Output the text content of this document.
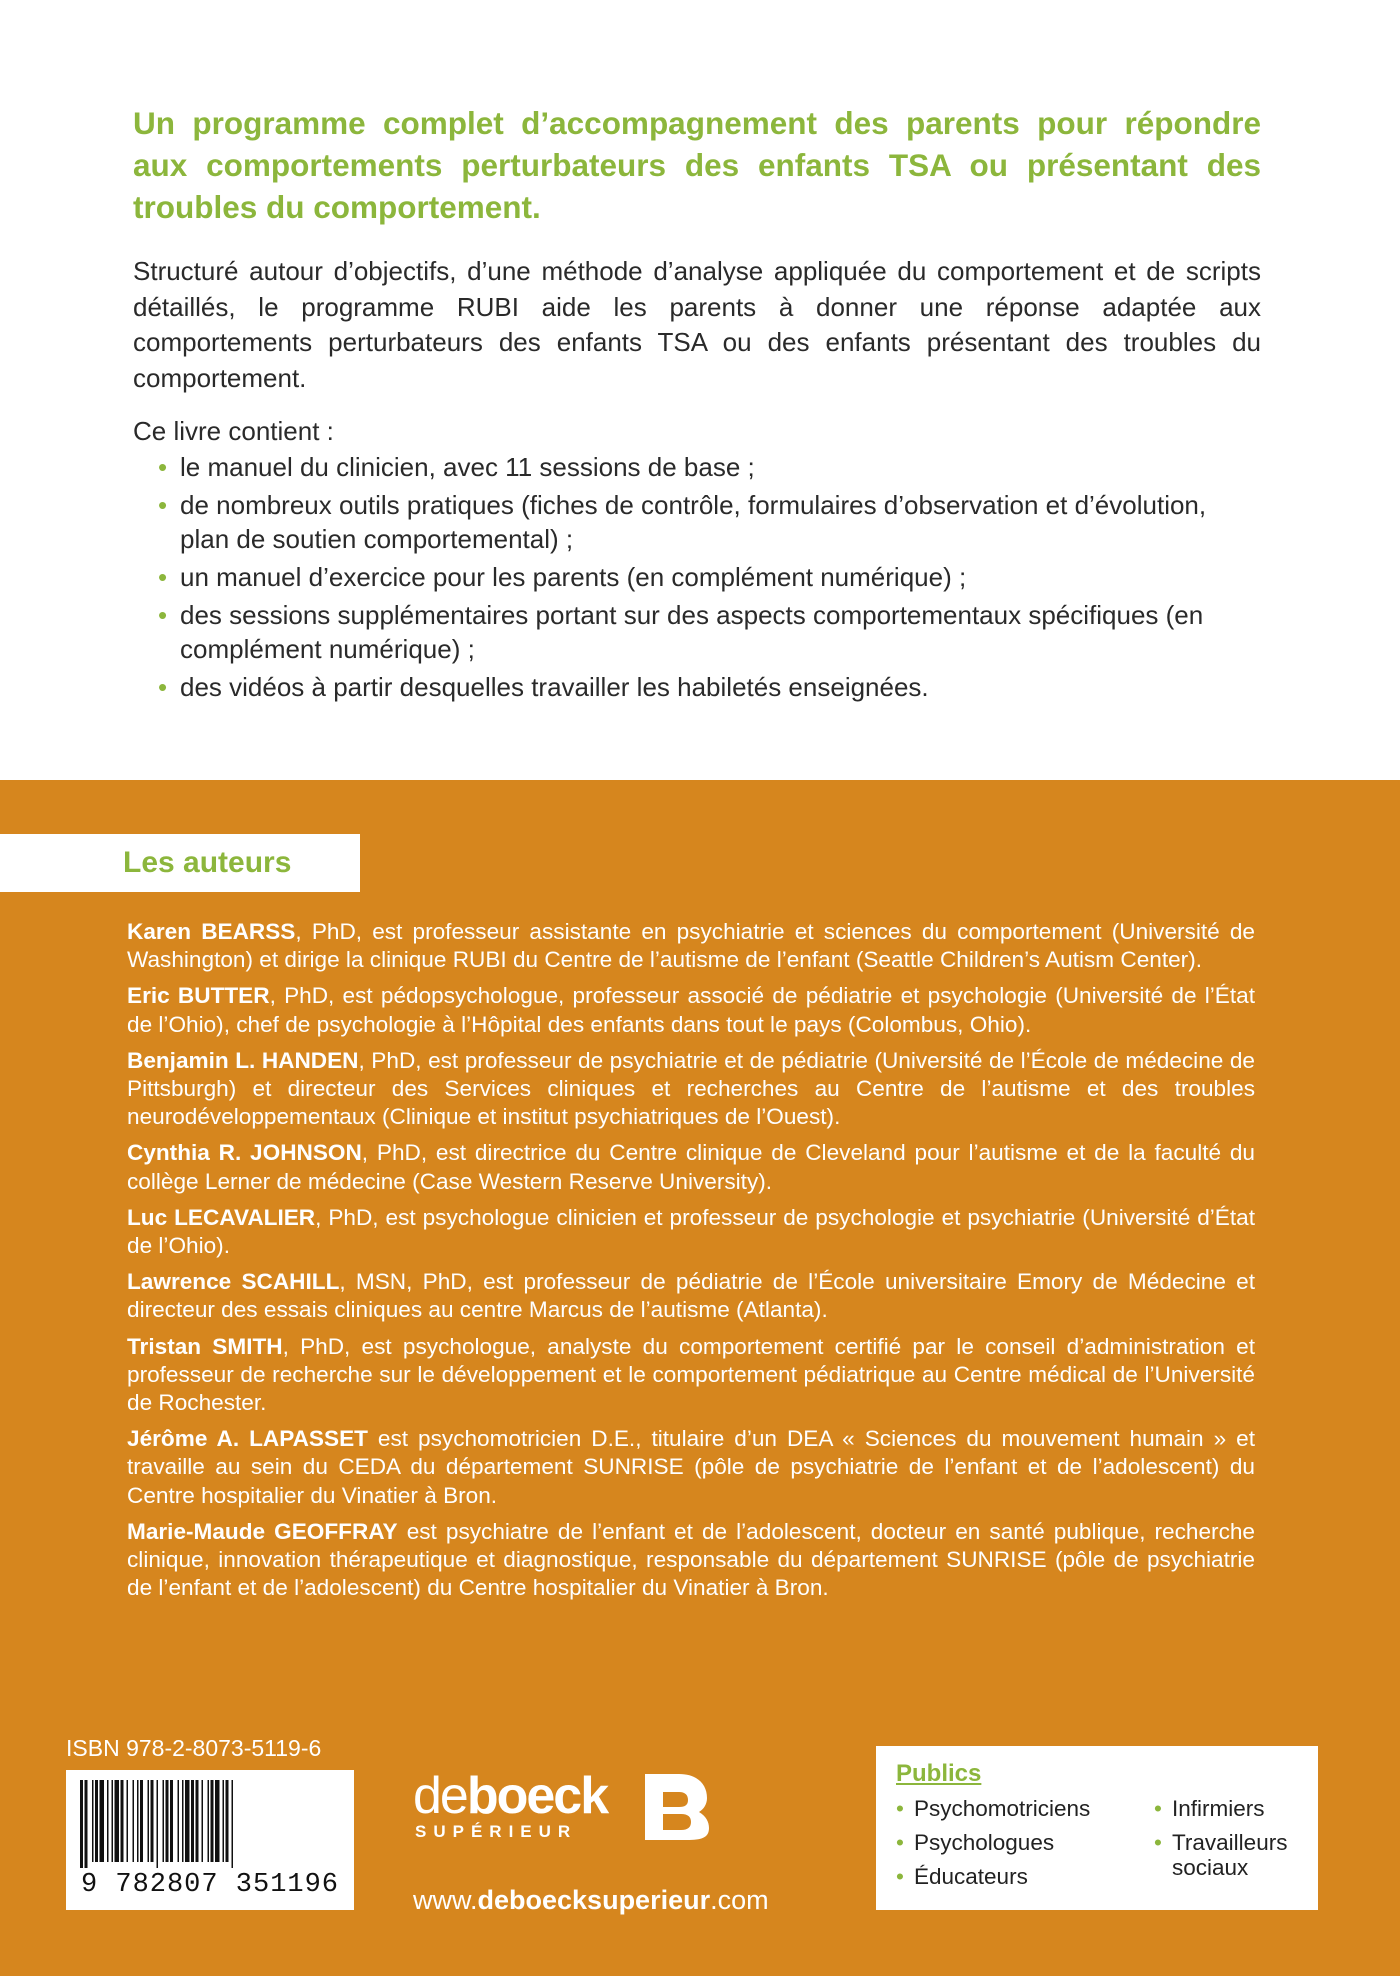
Un programme complet d’accompagnement des parents pour répondre aux comportements perturbateurs des enfants TSA ou présentant des troubles du comportement.

Structuré autour d’objectifs, d’une méthode d’analyse appliquée du comportement et de scripts détaillés, le programme RUBI aide les parents à donner une réponse adaptée aux comportements perturbateurs des enfants TSA ou des enfants présentant des troubles du comportement.

Ce livre contient :

• le manuel du clinicien, avec 11 sessions de base ;
• de nombreux outils pratiques (fiches de contrôle, formulaires d’observation et d’évolution, plan de soutien comportemental) ;
• un manuel d’exercice pour les parents (en complément numérique) ;
• des sessions supplémentaires portant sur des aspects comportementaux spécifiques (en complément numérique) ;
• des vidéos à partir desquelles travailler les habiletés enseignées.
Les auteurs

Karen BEARSS, PhD, est professeur assistante en psychiatrie et sciences du comportement (Université de Washington) et dirige la clinique RUBI du Centre de l’autisme de l’enfant (Seattle Children’s Autism Center).

Eric BUTTER, PhD, est pédopsychologue, professeur associé de pédiatrie et psychologie (Université de l’État de l’Ohio), chef de psychologie à l’Hôpital des enfants dans tout le pays (Colombus, Ohio).

Benjamin L. HANDEN, PhD, est professeur de psychiatrie et de pédiatrie (Université de l’École de médecine de Pittsburgh) et directeur des Services cliniques et recherches au Centre de l’autisme et des troubles neurodéveloppementaux (Clinique et institut psychiatriques de l’Ouest).

Cynthia R. JOHNSON, PhD, est directrice du Centre clinique de Cleveland pour l’autisme et de la faculté du collège Lerner de médecine (Case Western Reserve University).

Luc LECAVALIER, PhD, est psychologue clinicien et professeur de psychologie et psychiatrie (Université d’État de l’Ohio).

Lawrence SCAHILL, MSN, PhD, est professeur de pédiatrie de l’École universitaire Emory de Médecine et directeur des essais cliniques au centre Marcus de l’autisme (Atlanta).

Tristan SMITH, PhD, est psychologue, analyste du comportement certifié par le conseil d’administration et professeur de recherche sur le développement et le comportement pédiatrique au Centre médical de l’Université de Rochester.

Jérôme A. LAPASSET est psychomotricien D.E., titulaire d’un DEA « Sciences du mouvement humain » et travaille au sein du CEDA du département SUNRISE (pôle de psychiatrie de l’enfant et de l’adolescent) du Centre hospitalier du Vinatier à Bron.

Marie-Maude GEOFFRAY est psychiatre de l’enfant et de l’adolescent, docteur en santé publique, recherche clinique, innovation thérapeutique et diagnostique, responsable du département SUNRISE (pôle de psychiatrie de l’enfant et de l’adolescent) du Centre hospitalier du Vinatier à Bron.

ISBN 978-2-8073-5119-6
9 782807 351196
deboeck
SUPÉRIEUR
www.deboecksuperieur.com
Publics
• Psychomotriciens
• Psychologues
• Éducateurs
• Infirmiers
• Travailleurs sociaux
